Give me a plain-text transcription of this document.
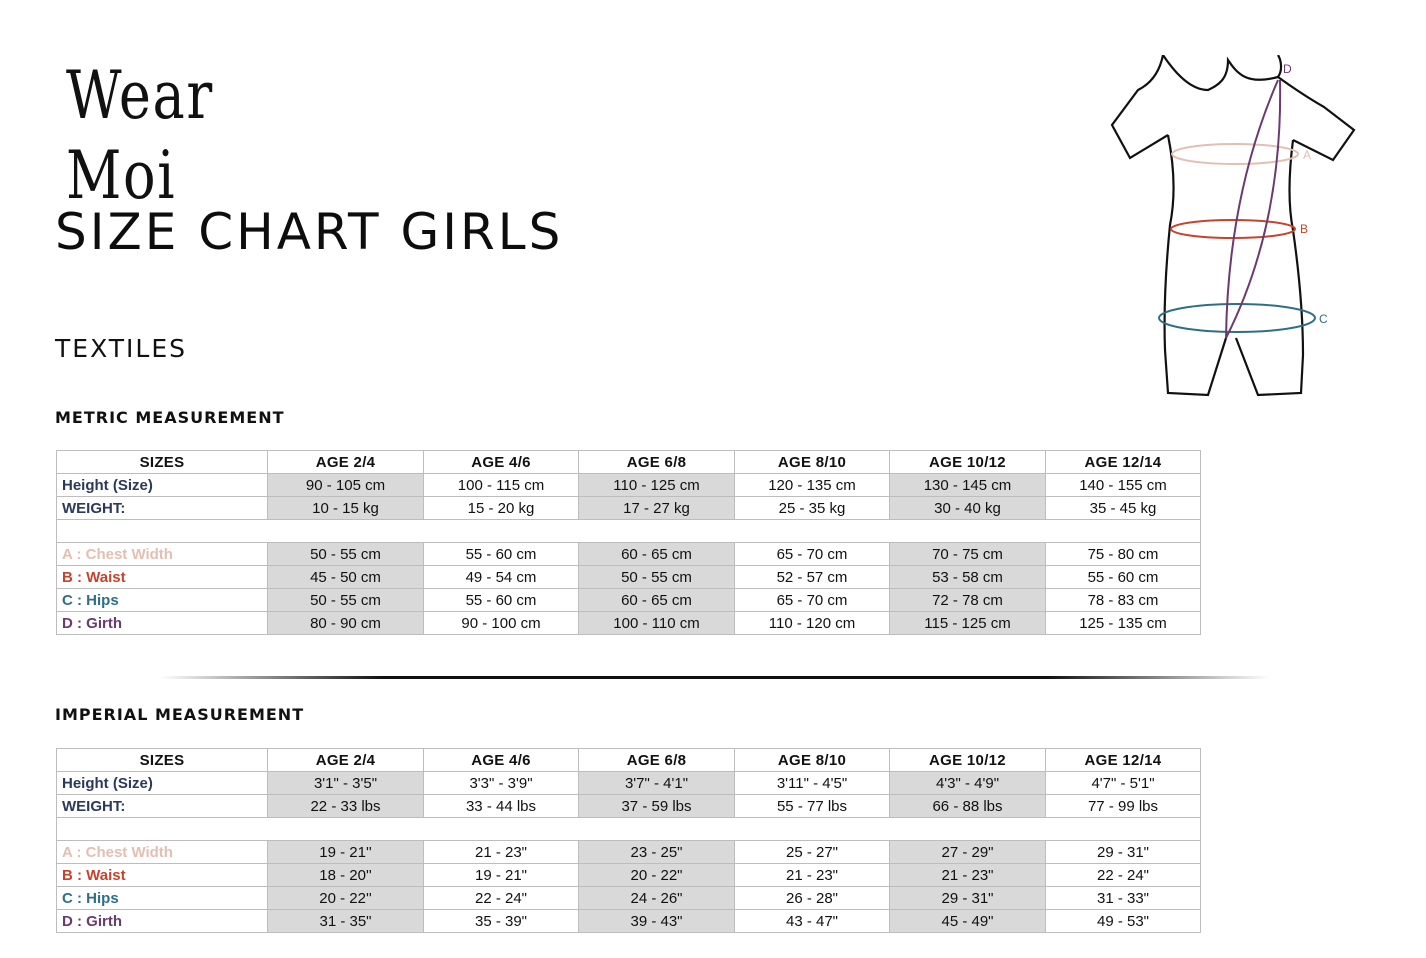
Wear Moi
SIZE CHART GIRLS
TEXTILES
A
B
C
D
METRIC MEASUREMENT
SIZES	AGE 2/4	AGE 4/6	AGE 6/8	AGE 8/10	AGE 10/12	AGE 12/14
Height (Size)	90 - 105 cm	100 - 115 cm	110 - 125 cm	120 - 135 cm	130 - 145 cm	140 - 155 cm
WEIGHT:	10 - 15 kg	15 - 20 kg	17 - 27 kg	25 - 35 kg	30 - 40 kg	35 - 45 kg

A : Chest Width	50 - 55 cm	55 - 60 cm	60 - 65 cm	65 - 70 cm	70 - 75 cm	75 - 80 cm
B : Waist	45 - 50 cm	49 - 54 cm	50 - 55 cm	52 - 57 cm	53 - 58 cm	55 - 60 cm
C : Hips	50 - 55 cm	55 - 60 cm	60 - 65 cm	65 - 70 cm	72 - 78 cm	78 - 83 cm
D : Girth	80 - 90 cm	90 - 100 cm	100 - 110 cm	110 - 120 cm	115 - 125 cm	125 - 135 cm
IMPERIAL MEASUREMENT
SIZES	AGE 2/4	AGE 4/6	AGE 6/8	AGE 8/10	AGE 10/12	AGE 12/14
Height (Size)	3'1" - 3'5"	3'3" - 3'9"	3'7" - 4'1"	3'11" - 4'5"	4'3" - 4'9"	4'7" - 5'1"
WEIGHT:	22 - 33 lbs	33 - 44 lbs	37 - 59 lbs	55 - 77 lbs	66 - 88 lbs	77 - 99 lbs

A : Chest Width	19 - 21''	21 - 23"	23 - 25"	25 - 27"	27 - 29"	29 - 31"
B : Waist	18 - 20''	19 - 21"	20 - 22"	21 - 23"	21 - 23"	22 - 24"
C : Hips	20 - 22''	22 - 24"	24 - 26"	26 - 28"	29 - 31"	31 - 33"
D : Girth	31 - 35"	35 - 39"	39 - 43"	43 - 47"	45 - 49"	49 - 53"
